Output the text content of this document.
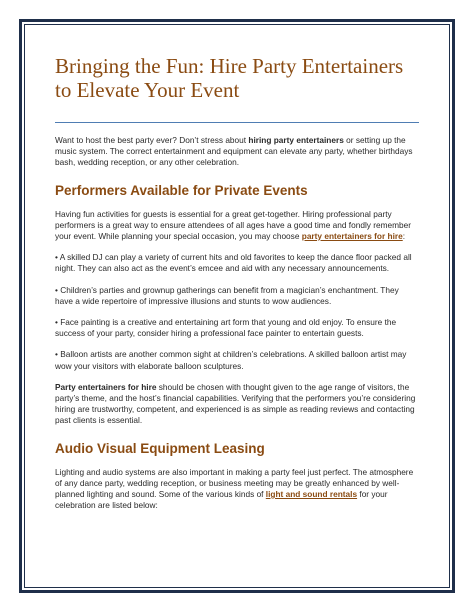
Bringing the Fun: Hire Party Entertainers to Elevate Your Event

Want to host the best party ever? Don’t stress about hiring party entertainers or setting up the music system. The correct entertainment and equipment can elevate any party, whether birthdays bash, wedding reception, or any other celebration.

Performers Available for Private Events

Having fun activities for guests is essential for a great get-together. Hiring professional party performers is a great way to ensure attendees of all ages have a good time and fondly remember your event. While planning your special occasion, you may choose party entertainers for hire:

• A skilled DJ can play a variety of current hits and old favorites to keep the dance floor packed all night. They can also act as the event’s emcee and aid with any necessary announcements.

• Children’s parties and grownup gatherings can benefit from a magician’s enchantment. They have a wide repertoire of impressive illusions and stunts to wow audiences.

• Face painting is a creative and entertaining art form that young and old enjoy. To ensure the success of your party, consider hiring a professional face painter to entertain guests.

• Balloon artists are another common sight at children’s celebrations. A skilled balloon artist may wow your visitors with elaborate balloon sculptures.

Party entertainers for hire should be chosen with thought given to the age range of visitors, the party’s theme, and the host’s financial capabilities. Verifying that the performers you’re considering hiring are trustworthy, competent, and experienced is as simple as reading reviews and contacting past clients is essential.

Audio Visual Equipment Leasing

Lighting and audio systems are also important in making a party feel just perfect. The atmosphere of any dance party, wedding reception, or business meeting may be greatly enhanced by well-planned lighting and sound. Some of the various kinds of light and sound rentals for your celebration are listed below:
